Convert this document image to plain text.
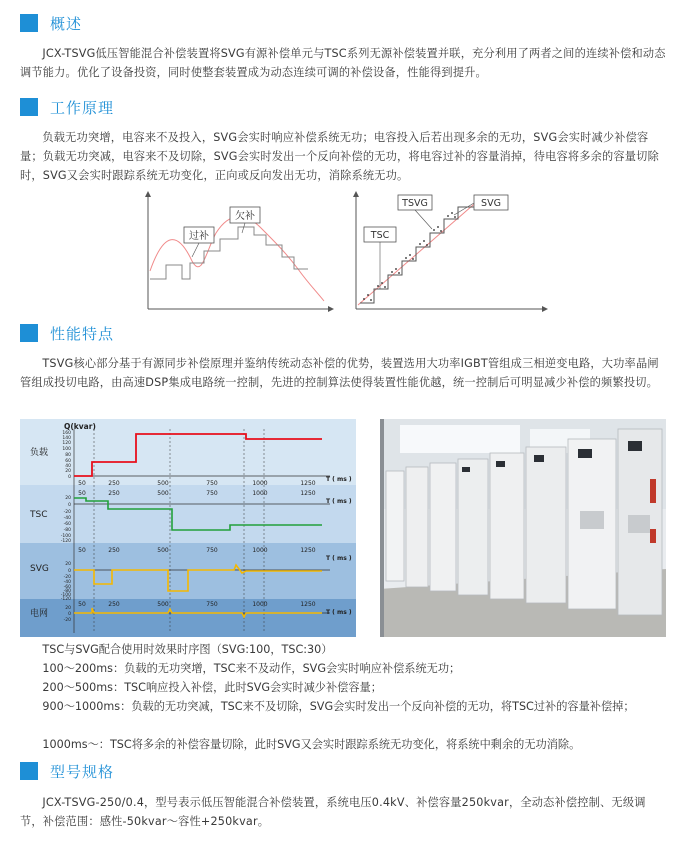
概述
JCX-TSVG低压智能混合补偿装置将SVG有源补偿单元与TSC系列无源补偿装置并联，充分利用了两者之间的连续补偿和动态调节能力。优化了设备投资，同时使整套装置成为动态连续可调的补偿设备，性能得到提升。
工作原理
负载无功突增，电容来不及投入，SVG会实时响应补偿系统无功；电容投入后若出现多余的无功，SVG会实时减少补偿容量；负载无功突减，电容来不及切除，SVG会实时发出一个反向补偿的无功，将电容过补的容量消掉，待电容将多余的容量切除时，SVG又会实时跟踪系统无功变化，正向或反向发出无功，消除系统无功。
过补
欠补
TSVG	SVG
TSC
性能特点
TSVG核心部分基于有源同步补偿原理并鉴纳传统动态补偿的优势，装置选用大功率IGBT管组成三相逆变电路，大功率晶闸管组成投切电路，由高速DSP集成电路统一控制，先进的控制算法使得装置性能优越，统一控制后可明显减少补偿的频繁投切。
负载
TSC
SVG
电网
Q(kvar)
160
140
120
100
80
60
40
20
0
20
0
-20
-40
-60
-80
-100
-120
20
0
-20
-40
-60
-80
-100
-120
20
0
-20
50	250	500	750	1000	1250
T ( ms )
50	250	500	750	1000	1250
T ( ms )
50	250	500	750	1000	1250
T ( ms )
50	250	500	750	1000	1250
T ( ms )
TSC与SVG配合使用时效果时序图（SVG:100，TSC:30）
100～200ms：负载的无功突增，TSC来不及动作，SVG会实时响应补偿系统无功；
200～500ms：TSC响应投入补偿，此时SVG会实时减少补偿容量；
900～1000ms：负载的无功突减，TSC来不及切除，SVG会实时发出一个反向补偿的无功，将TSC过补的容量补偿掉；
1000ms～：TSC将多余的补偿容量切除，此时SVG又会实时跟踪系统无功变化，将系统中剩余的无功消除。
型号规格
JCX-TSVG-250/0.4，型号表示低压智能混合补偿装置，系统电压0.4kV、补偿容量250kvar，全动态补偿控制、无级调节，补偿范围：感性-50kvar～容性+250kvar。
